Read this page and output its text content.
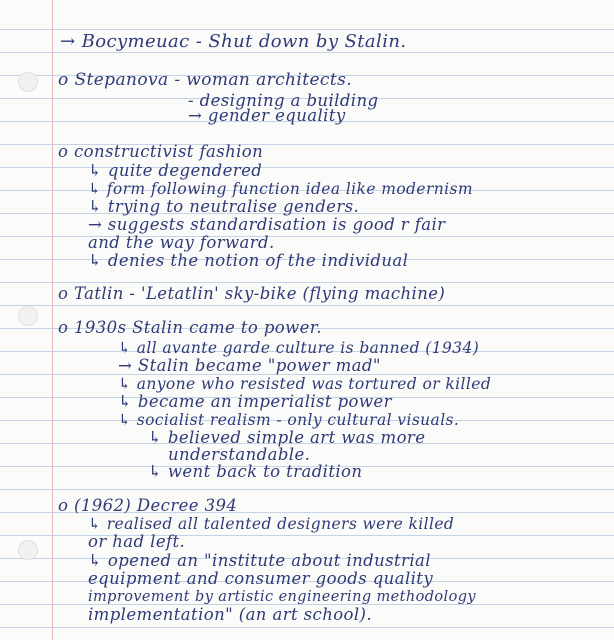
→ Bocymeuac - Shut down by Stalin.
o Stepanova - woman architects.
- designing a building
→ gender equality
o constructivist fashion
↳ quite degendered
↳ form following function idea like modernism
↳ trying to neutralise genders.
→ suggests standardisation is good r fair
and the way forward.
↳ denies the notion of the individual
o Tatlin - 'Letatlin' sky-bike (flying machine)
o 1930s Stalin came to power.
↳ all avante garde culture is banned (1934)
→ Stalin became "power mad"
↳ anyone who resisted was tortured or killed
↳ became an imperialist power
↳ socialist realism - only cultural visuals.
↳ believed simple art was more
understandable.
↳ went back to tradition
o (1962) Decree 394
↳ realised all talented designers were killed
or had left.
↳ opened an "institute about industrial
equipment and consumer goods quality
improvement by artistic engineering methodology
implementation" (an art school).
